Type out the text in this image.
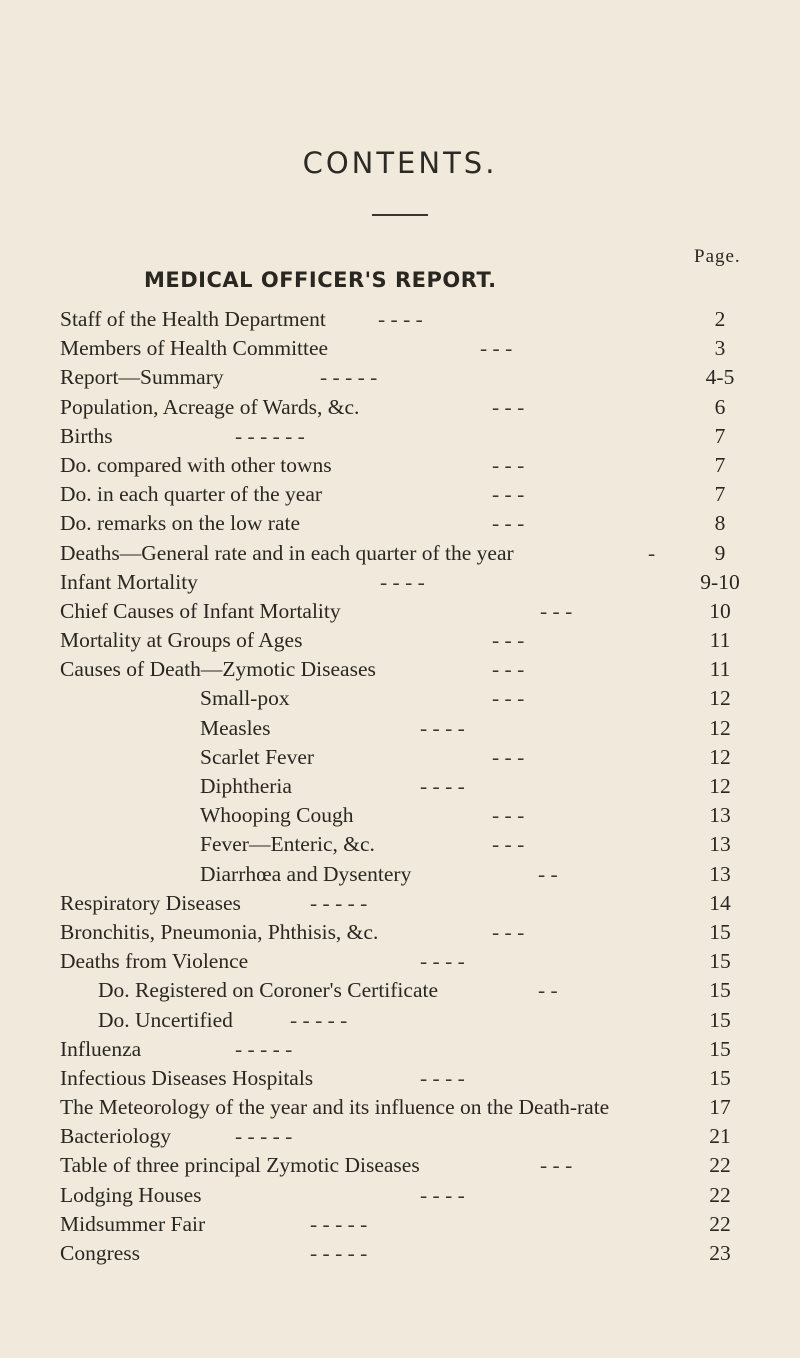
CONTENTS.
Page.
MEDICAL OFFICER'S REPORT.
Staff of the Health Department - - - -	2
Members of Health Committee	- - -	3
Report—Summary	- - - - -	4-5
Population, Acreage of Wards, &c.	- - -	6
Births	- - - - - -	7
Do. compared with other towns	- - -	7
Do. in each quarter of the year	- - -	7
Do. remarks on the low rate	- - -	8
Deaths—General rate and in each quarter of the year	-	9
Infant Mortality	- - - -	9-10
Chief Causes of Infant Mortality	- - -	10
Mortality at Groups of Ages	- - -	11
Causes of Death—Zymotic Diseases	- - -	11
Small-pox	- - -	12
Measles	- - - -	12
Scarlet Fever	- - -	12
Diphtheria	- - - -	12
Whooping Cough	- - -	13
Fever—Enteric, &c.	- - -	13
Diarrhœa and Dysentery	- -	13
Respiratory Diseases	- - - - -	14
Bronchitis, Pneumonia, Phthisis, &c.	- - -	15
Deaths from Violence	- - - -	15
Do. Registered on Coroner's Certificate	- -	15
Do. Uncertified	- - - - -	15
Influenza	- - - - -	15
Infectious Diseases Hospitals	- - - -	15
The Meteorology of the year and its influence on the Death-rate	17
Bacteriology	- - - - -	21
Table of three principal Zymotic Diseases	- - -	22
Lodging Houses	- - - -	22
Midsummer Fair	- - - - -	22
Congress	- - - - -	23
